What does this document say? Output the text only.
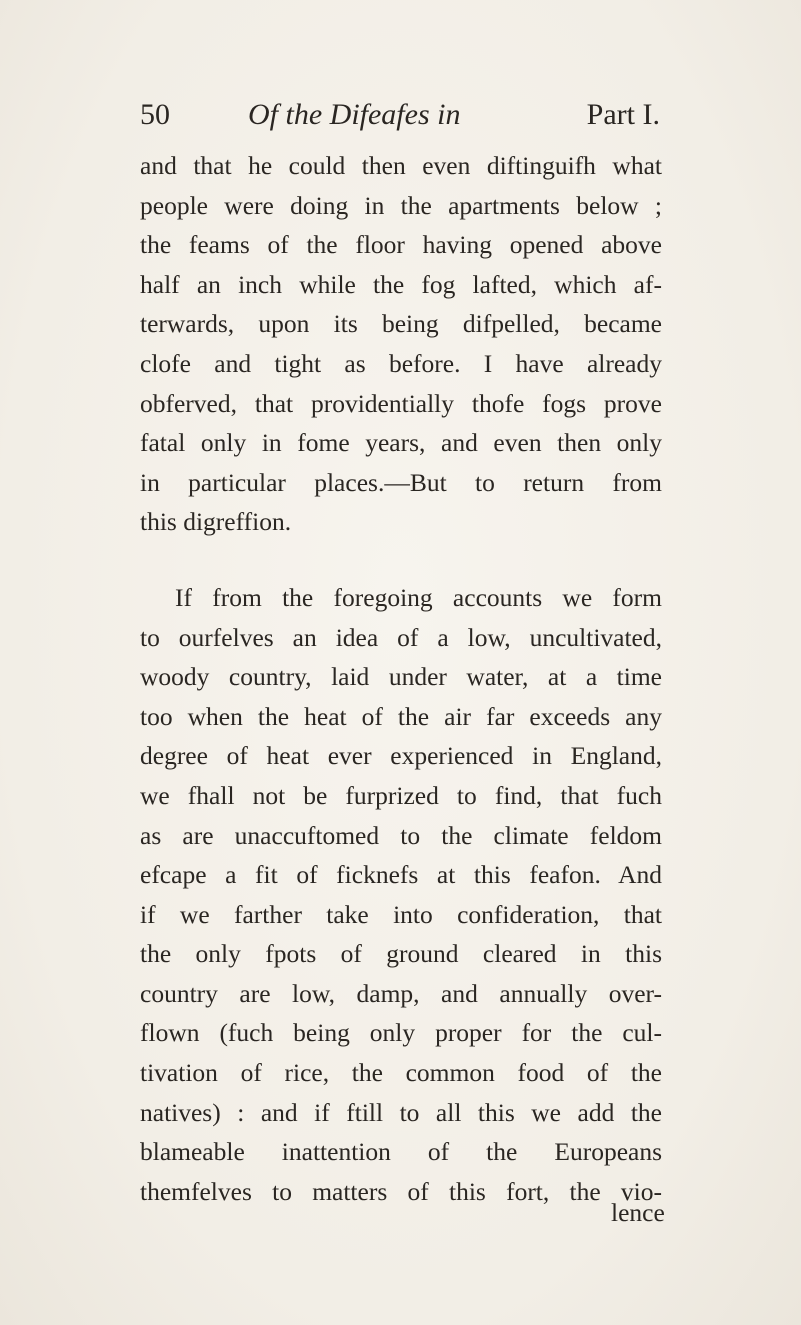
50	Of the Difeafes in	Part I.
and that he could then even diftinguifh what
people were doing in the apartments below ;
the feams of the floor having opened above
half an inch while the fog lafted, which af-
terwards, upon its being difpelled, became
clofe and tight as before. I have already
obferved, that providentially thofe fogs prove
fatal only in fome years, and even then only
in particular places.—But to return from
this digreffion.
If from the foregoing accounts we form
to ourfelves an idea of a low, uncultivated,
woody country, laid under water, at a time
too when the heat of the air far exceeds any
degree of heat ever experienced in England,
we fhall not be furprized to find, that fuch
as are unaccuftomed to the climate feldom
efcape a fit of ficknefs at this feafon. And
if we farther take into confideration, that
the only fpots of ground cleared in this
country are low, damp, and annually over-
flown (fuch being only proper for the cul-
tivation of rice, the common food of the
natives) : and if ftill to all this we add the
blameable inattention of the Europeans
themfelves to matters of this fort, the vio-
lence
